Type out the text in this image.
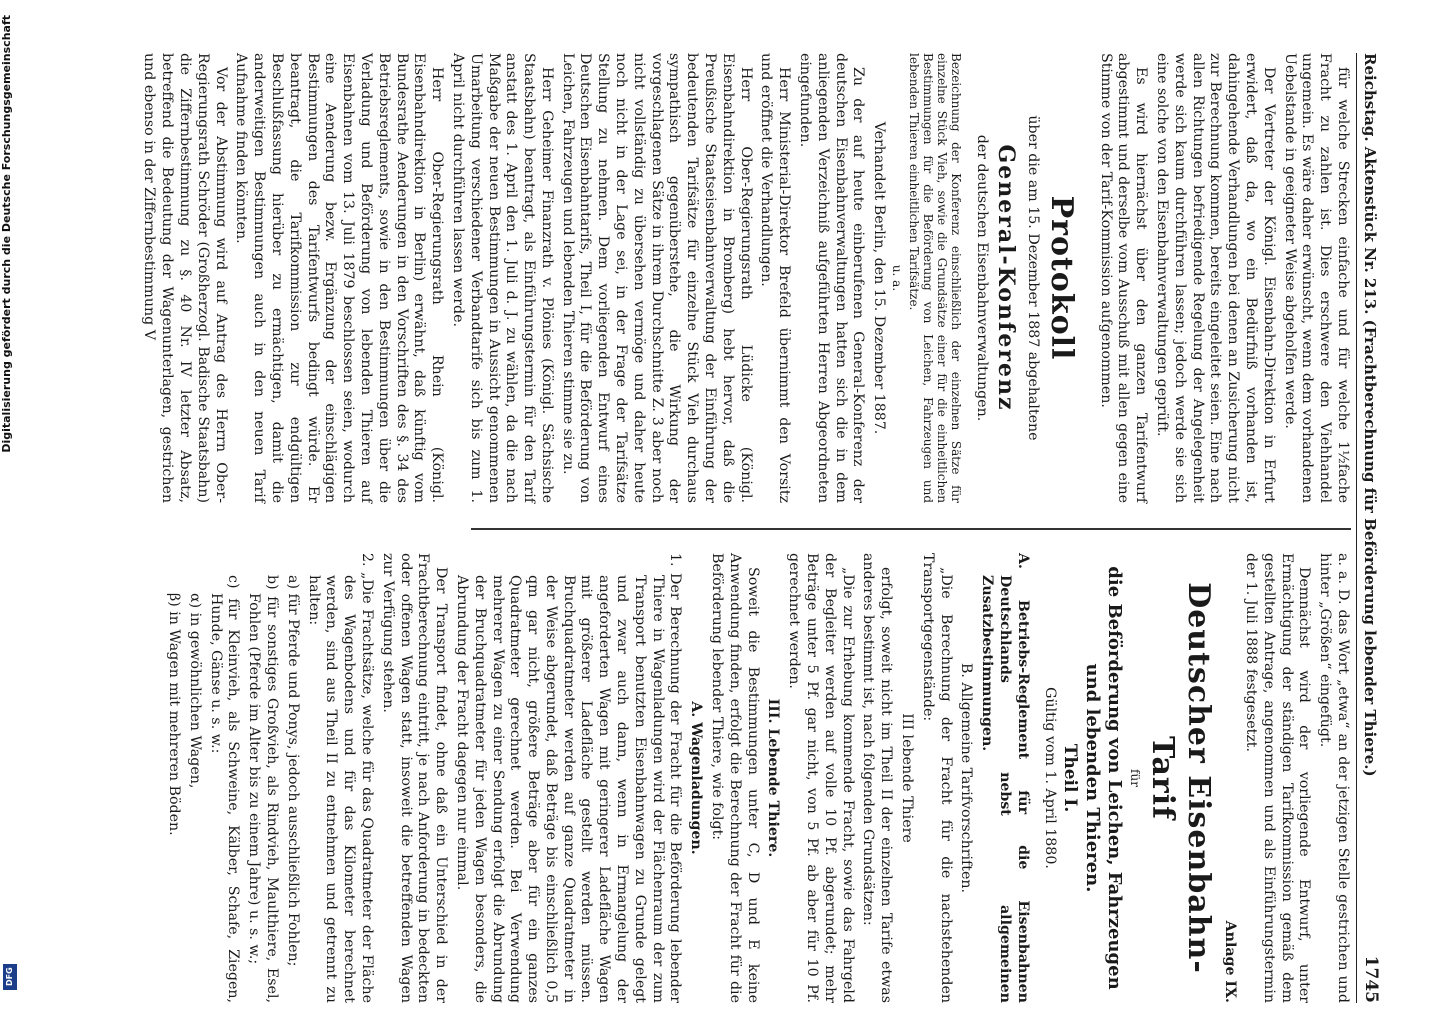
Digitalisierung gefördert durch die Deutsche Forschungsgemeinschaft
DFG
Reichstag. Aktenstück Nr. 213. (Frachtberechnung für Beförderung lebender Thiere.)
1745

für welche Strecken einfache und für welche 1½fache Fracht zu zahlen ist. Dies erschwere den Viehhandel ungemein. Es wäre daher erwünscht, wenn dem vorhandenen Uebelstande in geeigneter Weise abgeholfen werde.

Der Vertreter der Königl. Eisenbahn-Direktion in Erfurt erwidert, daß da, wo ein Bedürfniß vorhanden ist, dahingehende Verhandlungen bei denen an Zusicherung nicht zur Berechnung kommen, bereits eingeleitet seien. Eine nach allen Richtungen befriedigende Regelung der Angelegenheit werde sich kaum durchführen lassen; jedoch werde sie sich eine solche von den Eisenbahnverwaltungen geprüft.

Es wird hiernächst über den ganzen Tarifentwurf abgestimmt und derselbe vom Ausschuß mit allen gegen eine Stimme von der Tarif-Kommission aufgenommen.

Protokoll

über die am 15. Dezember 1887 abgehaltene

General-Konferenz

der deutschen Eisenbahnverwaltungen.

Bezeichnung der Konferenz einschließlich der einzelnen Sätze für einzelne Stück Vieh, sowie die Grundsätze einer für die einheitlichen Bestimmungen für die Beförderung von Leichen, Fahrzeugen und lebenden Thieren einheitlichen Tarifsätze.

u. a.

Verhandelt Berlin, den 15. Dezember 1887.

Zu der auf heute einberufenen General-Konferenz der deutschen Eisenbahnverwaltungen hatten sich die in dem anliegenden Verzeichniß aufgeführten Herren Abgeordneten eingefunden.

Herr Ministerial-Direktor Brefeld übernimmt den Vorsitz und eröffnet die Verhandlungen.

Herr Ober-Regierungsrath Lüdicke (Königl. Eisenbahndirektion in Bromberg) hebt hervor, daß die Preußische Staatseisenbahnverwaltung der Einführung der bedeutenden Tarifsätze für einzelne Stück Vieh durchaus sympathisch gegenüberstehe, die Wirkung der vorgeschlagenen Sätze in ihrem Durchschnitte Z. 3 aber noch nicht vollständig zu übersehen vermöge und daher heute noch nicht in der Lage sei, in der Frage der Tarifsätze Stellung zu nehmen. Dem vorliegenden Entwurf eines Deutschen Eisenbahntarifs, Theil I, für die Beförderung von Leichen, Fahrzeugen und lebenden Thieren stimme sie zu.

Herr Geheimer Finanzrath v. Plönies (Königl. Sächsische Staatsbahn) beantragt, als Einführungstermin für den Tarif anstatt des 1. April den 1. Juli d. J. zu wählen, da die nach Maßgabe der neuen Bestimmungen in Aussicht genommenen Umarbeitung verschiedener Verbandtarife sich bis zum 1. April nicht durchführen lassen werde.

Herr Ober-Regierungsrath Rhein (Königl. Eisenbahndirektion in Berlin) erwähnt, daß künftig vom Bundesrathe Aenderungen in den Vorschriften des §. 34 des Betriebsreglements, sowie in den Bestimmungen über die Verladung und Beförderung von lebenden Thieren auf Eisenbahnen vom 13. Juli 1879 beschlossen seien, wodurch eine Aenderung bezw. Ergänzung der einschlägigen Bestimmungen des Tarifentwurfs bedingt würde. Er beantragt, die Tarifkommission zur endgültigen Beschlußfassung hierüber zu ermächtigen, damit die anderweitigen Bestimmungen auch in den neuen Tarif Aufnahme finden könnten.

Vor der Abstimmung wird auf Antrag des Herrn Ober-Regierungsrath Schröder (Großherzogl. Badische Staatsbahn) die Ziffernbestimmung zu §. 40 Nr. IV letzter Absatz, betreffend die Bedeutung der Wagenunterlagen, gestrichen und ebenso in der Ziffernbestimmung V

a. a. D. das Wort „etwa“ an der jetzigen Stelle gestrichen und hinter „Größen“ eingefügt.

Demnächst wird der vorliegende Entwurf, unter Ermächtigung der ständigen Tarifkommission gemäß dem gestellten Antrage, angenommen und als Einführungstermin der 1. Juli 1888 festgesetzt.

Anlage IX.

Deutscher Eisenbahn-Tarif

für

die Beförderung von Leichen, Fahrzeugen und lebenden Thieren.

Theil I.

Gültig vom 1. April 1880.

A. Betriebs-Reglement für die Eisenbahnen Deutschlands nebst allgemeinen Zusatzbestimmungen.

B. Allgemeine Tarifvorschriften.

„Die Berechnung der Fracht für die nachstehenden Transportgegenstände:

III lebende Thiere

erfolgt, soweit nicht im Theil II der einzelnen Tarife etwas anderes bestimmt ist, nach folgenden Grundsätzen:

„Die zur Erhebung kommende Fracht, sowie das Fahrgeld der Begleiter werden auf volle 10 Pf. abgerundet; mehr Beträge unter 5 Pf. gar nicht, von 5 Pf. ab aber für 10 Pf. gerechnet werden.

III. Lebende Thiere.

Soweit die Bestimmungen unter C, D und E keine Anwendung finden, erfolgt die Berechnung der Fracht für die Beförderung lebender Thiere, wie folgt:

A. Wagenladungen.

1. Der Berechnung der Fracht für die Beförderung lebender Thiere in Wagenladungen wird der Flächenraum der zum Transport benutzten Eisenbahnwagen zu Grunde gelegt und zwar auch dann, wenn in Ermangelung der angeforderten Wagen mit geringerer Ladefläche Wagen mit größerer Ladefläche gestellt werden müssen. Bruchquadratmeter werden auf ganze Quadratmeter in der Weise abgerundet, daß Beträge bis einschließlich 0,5 qm gar nicht, größere Beträge aber für ein ganzes Quadratmeter gerechnet werden. Bei Verwendung mehrerer Wagen zu einer Sendung erfolgt die Abrundung der Bruchquadratmeter für jeden Wagen besonders, die Abrundung der Fracht dagegen nur einmal.

Der Transport findet, ohne daß ein Unterschied in der Frachtberechnung eintritt, je nach Anforderung in bedeckten oder offenen Wagen statt, insoweit die betreffenden Wagen zur Verfügung stehen.

2. „Die Frachtsätze, welche für das Quadratmeter der Fläche des Wagenbodens und für das Kilometer berechnet werden, sind aus Theil II zu entnehmen und getrennt zu halten:

a) für Pferde und Ponys, jedoch ausschließlich Fohlen;

b) für sonstiges Großvieh, als Rindvieh, Maulthiere, Esel, Fohlen (Pferde im Alter bis zu einem Jahre) u. s. w.;

c) für Kleinvieh, als Schweine, Kälber, Schafe, Ziegen, Hunde, Gänse u. s. w.:

α) in gewöhnlichen Wagen,

β) in Wagen mit mehreren Böden.
